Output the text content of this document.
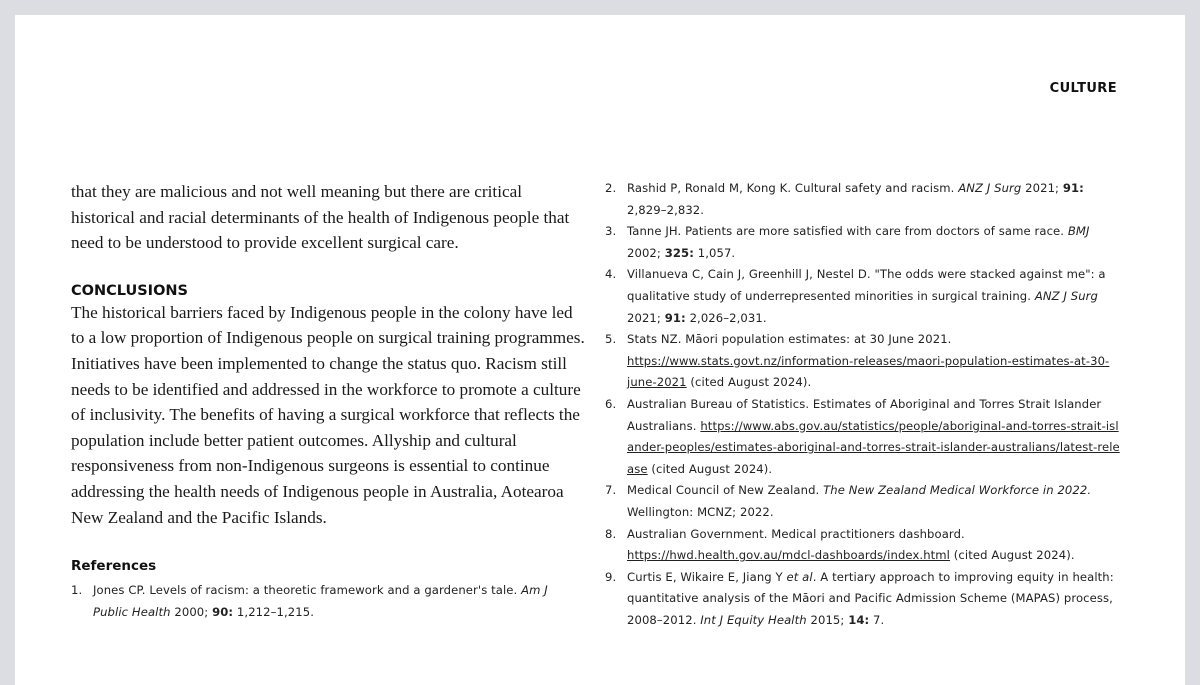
CULTURE

that they are malicious and not well meaning but there are critical historical and racial determinants of the health of Indigenous people that need to be understood to provide excellent surgical care.

CONCLUSIONS

The historical barriers faced by Indigenous people in the colony have led to a low proportion of Indigenous people on surgical training programmes. Initiatives have been implemented to change the status quo. Racism still needs to be identified and addressed in the workforce to promote a culture of inclusivity. The benefits of having a surgical workforce that reflects the population include better patient outcomes. Allyship and cultural responsiveness from non-Indigenous surgeons is essential to continue addressing the health needs of Indigenous people in Australia, Aotearoa New Zealand and the Pacific Islands.

References
1. Jones CP. Levels of racism: a theoretic framework and a gardener's tale. Am J Public Health 2000; 90: 1,212–1,215.
2. Rashid P, Ronald M, Kong K. Cultural safety and racism. ANZ J Surg 2021; 91: 2,829–2,832.
3. Tanne JH. Patients are more satisfied with care from doctors of same race. BMJ 2002; 325: 1,057.
4. Villanueva C, Cain J, Greenhill J, Nestel D. "The odds were stacked against me": a qualitative study of underrepresented minorities in surgical training. ANZ J Surg 2021; 91: 2,026–2,031.
5. Stats NZ. Māori population estimates: at 30 June 2021. https://www.stats.govt.nz/information-releases/maori-population-estimates-at-30-june-2021 (cited August 2024).
6. Australian Bureau of Statistics. Estimates of Aboriginal and Torres Strait Islander Australians. https://www.abs.gov.au/statistics/people/aboriginal-and-torres-strait-islander-peoples/estimates-aboriginal-and-torres-strait-islander-australians/latest-release (cited August 2024).
7. Medical Council of New Zealand. The New Zealand Medical Workforce in 2022. Wellington: MCNZ; 2022.
8. Australian Government. Medical practitioners dashboard. https://hwd.health.gov.au/mdcl-dashboards/index.html (cited August 2024).
9. Curtis E, Wikaire E, Jiang Y et al. A tertiary approach to improving equity in health: quantitative analysis of the Māori and Pacific Admission Scheme (MAPAS) process, 2008–2012. Int J Equity Health 2015; 14: 7.
